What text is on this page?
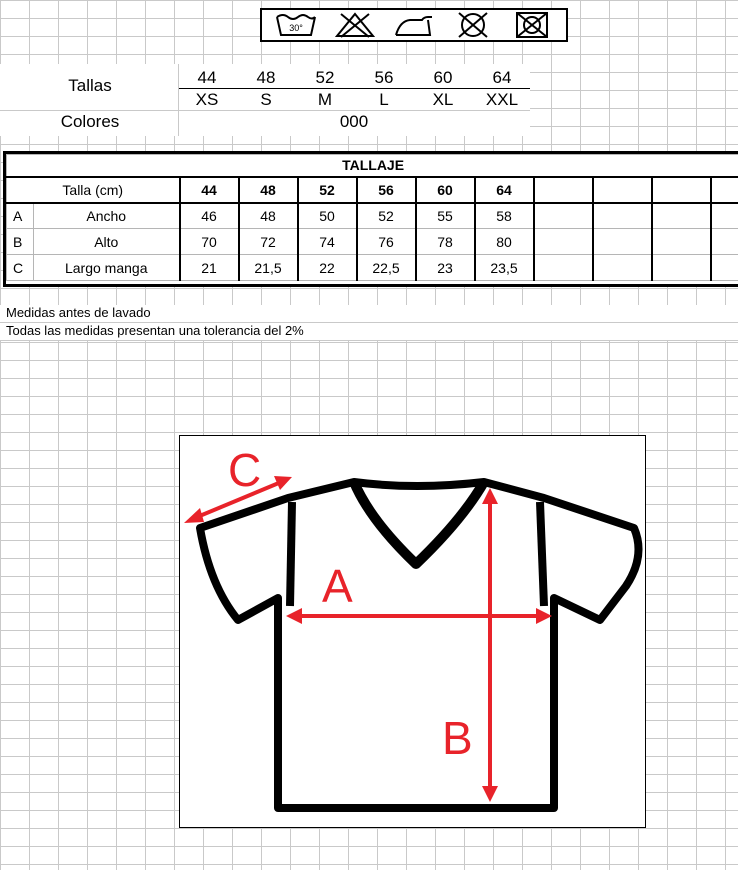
30°
Tallas	44	48	52	56	60	64
XS	S	M	L	XL	XXL
Colores	000
TALLAJE											
Talla (cm)		44	48	52	56	60	64				
A	Ancho	46	48	50	52	55	58				
B	Alto	70	72	74	76	78	80				
C	Largo manga	21	21,5	22	22,5	23	23,5				
Medidas antes de lavado
Todas las medidas presentan una tolerancia del 2%
C
A
B
